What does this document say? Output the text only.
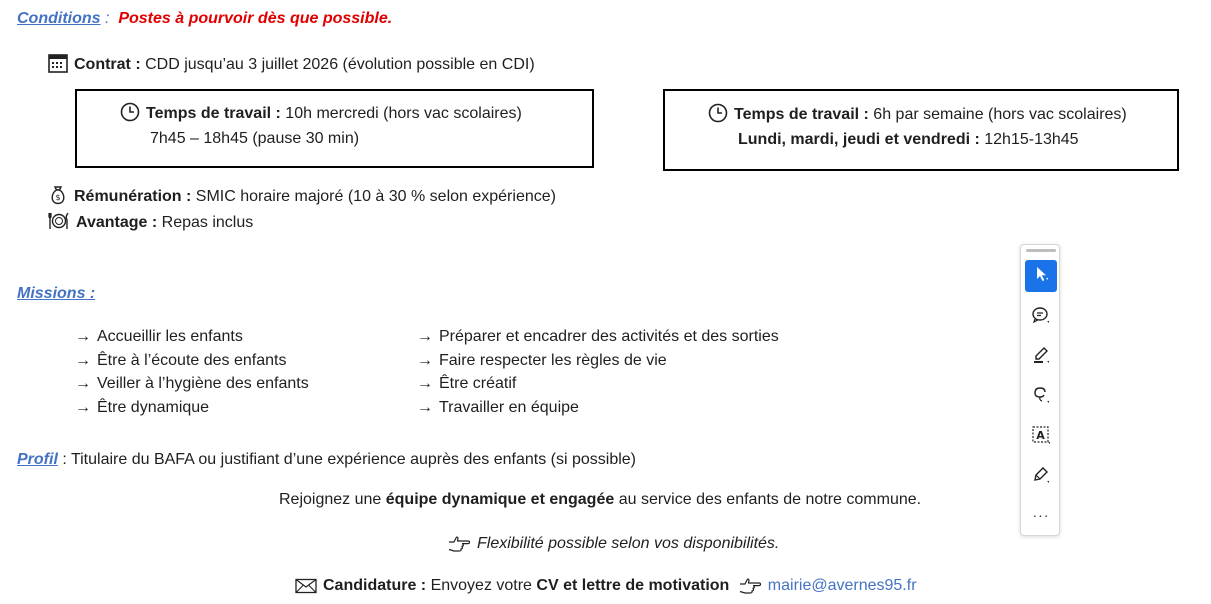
Conditions : Postes à pourvoir dès que possible.
Contrat : CDD jusqu’au 3 juillet 2026 (évolution possible en CDI)
Temps de travail : 10h mercredi (hors vac scolaires)
7h45 – 18h45 (pause 30 min)
Temps de travail : 6h par semaine (hors vac scolaires)
Lundi, mardi, jeudi et vendredi : 12h15-13h45
$ Rémunération : SMIC horaire majoré (10 à 30 % selon expérience)
Avantage : Repas inclus
Missions :
→ Accueillir les enfants
→ Être à l’écoute des enfants
→ Veiller à l’hygiène des enfants
→ Être dynamique
→ Préparer et encadrer des activités et des sorties
→ Faire respecter les règles de vie
→ Être créatif
→ Travailler en équipe
Profil : Titulaire du BAFA ou justifiant d’une expérience auprès des enfants (si possible)
Rejoignez une équipe dynamique et engagée au service des enfants de notre commune.
Flexibilité possible selon vos disponibilités.
Candidature : Envoyez votre CV et lettre de motivation mairie@avernes95.fr
A
···
